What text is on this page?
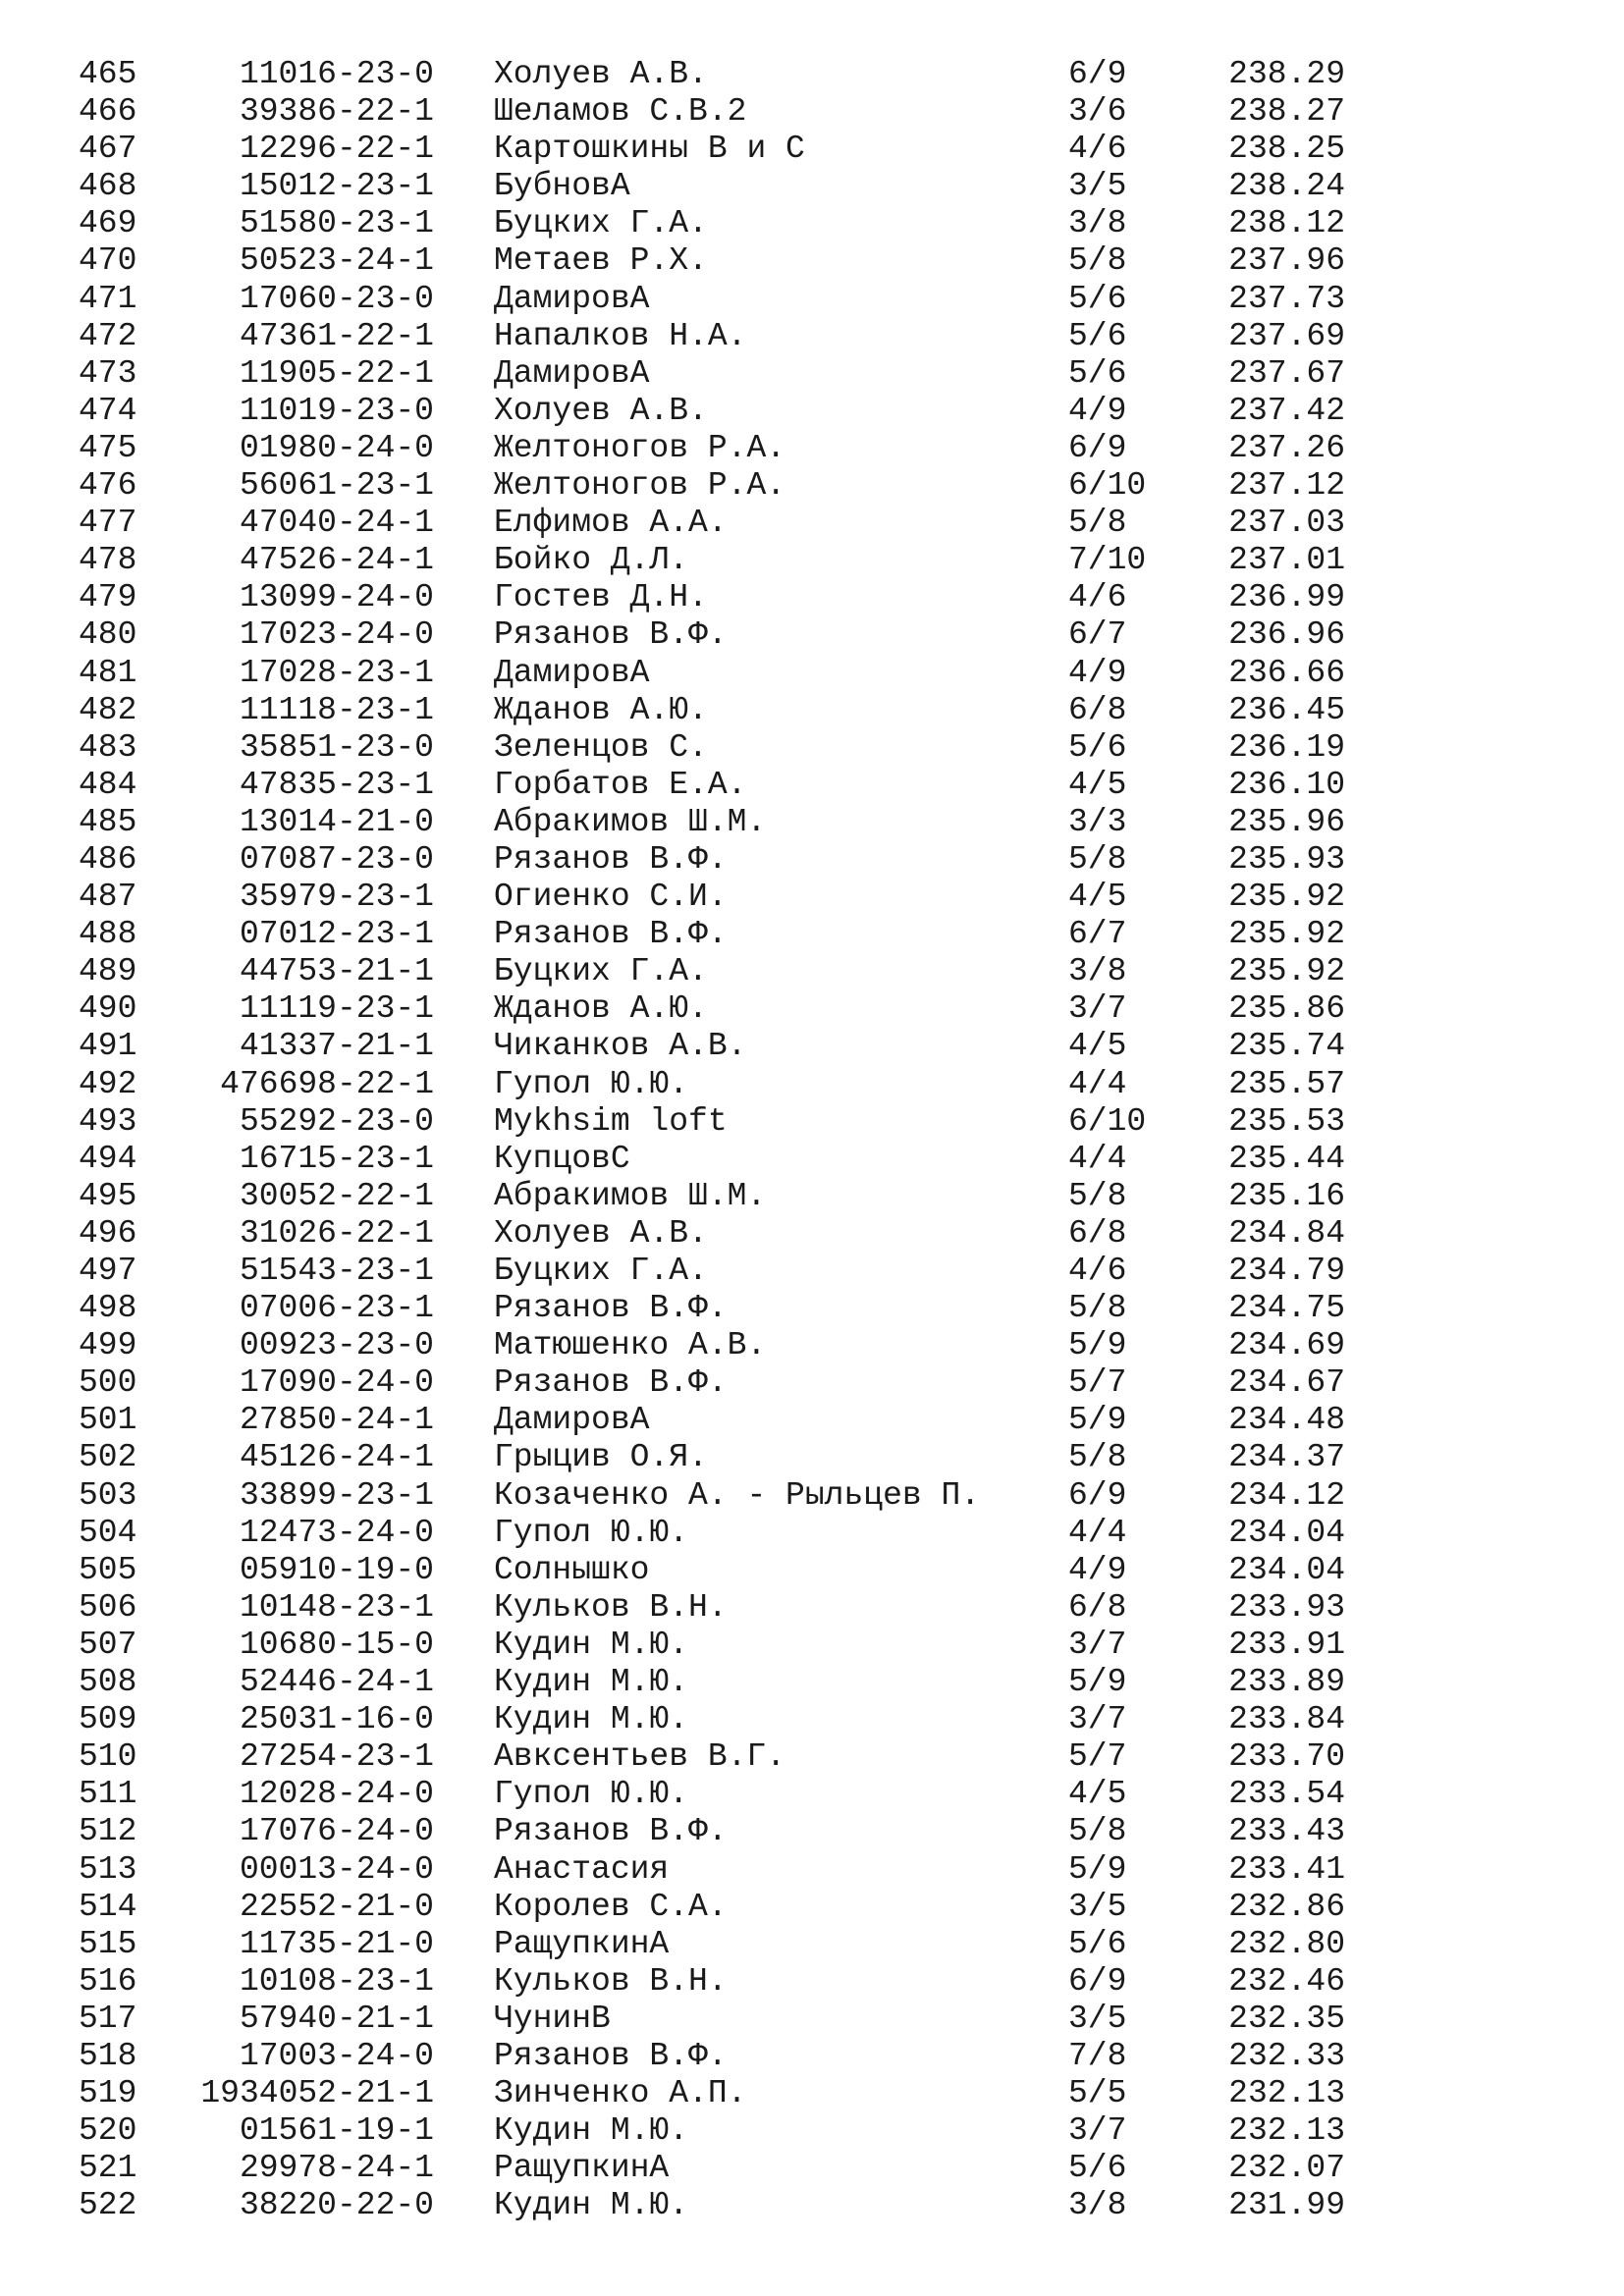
465	11016-23-0 Холуев А.В.	6/9	238.29
466	39386-22-1 Шеламов С.В.2	3/6	238.27
467	12296-22-1 Картошкины В и С	4/6	238.25
468	15012-23-1 БубновА	3/5	238.24
469	51580-23-1 Буцких Г.А.	3/8	238.12
470	50523-24-1 Метаев Р.Х.	5/8	237.96
471	17060-23-0 ДамировА	5/6	237.73
472	47361-22-1 Напалков Н.А.	5/6	237.69
473	11905-22-1 ДамировА	5/6	237.67
474	11019-23-0 Холуев А.В.	4/9	237.42
475	01980-24-0 Желтоногов Р.А.	6/9	237.26
476	56061-23-1 Желтоногов Р.А.	6/10	237.12
477	47040-24-1 Елфимов А.А.	5/8	237.03
478	47526-24-1 Бойко Д.Л.	7/10	237.01
479	13099-24-0 Гостев Д.Н.	4/6	236.99
480	17023-24-0 Рязанов В.Ф.	6/7	236.96
481	17028-23-1 ДамировА	4/9	236.66
482	11118-23-1 Жданов А.Ю.	6/8	236.45
483	35851-23-0 Зеленцов С.	5/6	236.19
484	47835-23-1 Горбатов Е.А.	4/5	236.10
485	13014-21-0 Абракимов Ш.М.	3/3	235.96
486	07087-23-0 Рязанов В.Ф.	5/8	235.93
487	35979-23-1 Огиенко С.И.	4/5	235.92
488	07012-23-1 Рязанов В.Ф.	6/7	235.92
489	44753-21-1 Буцких Г.А.	3/8	235.92
490	11119-23-1 Жданов А.Ю.	3/7	235.86
491	41337-21-1 Чиканков А.В.	4/5	235.74
492	476698-22-1 Гупол Ю.Ю.	4/4	235.57
493	55292-23-0 Mykhsim loft	6/10	235.53
494	16715-23-1 КупцовС	4/4	235.44
495	30052-22-1 Абракимов Ш.М.	5/8	235.16
496	31026-22-1 Холуев А.В.	6/8	234.84
497	51543-23-1 Буцких Г.А.	4/6	234.79
498	07006-23-1 Рязанов В.Ф.	5/8	234.75
499	00923-23-0 Матюшенко А.В.	5/9	234.69
500	17090-24-0 Рязанов В.Ф.	5/7	234.67
501	27850-24-1 ДамировА	5/9	234.48
502	45126-24-1 Грыцив О.Я.	5/8	234.37
503	33899-23-1 Козаченко А. - Рыльцев П.	6/9	234.12
504	12473-24-0 Гупол Ю.Ю.	4/4	234.04
505	05910-19-0 Солнышко	4/9	234.04
506	10148-23-1 Кульков В.Н.	6/8	233.93
507	10680-15-0 Кудин М.Ю.	3/7	233.91
508	52446-24-1 Кудин М.Ю.	5/9	233.89
509	25031-16-0 Кудин М.Ю.	3/7	233.84
510	27254-23-1 Авксентьев В.Г.	5/7	233.70
511	12028-24-0 Гупол Ю.Ю.	4/5	233.54
512	17076-24-0 Рязанов В.Ф.	5/8	233.43
513	00013-24-0 Анастасия	5/9	233.41
514	22552-21-0 Королев С.А.	3/5	232.86
515	11735-21-0 РащупкинА	5/6	232.80
516	10108-23-1 Кульков В.Н.	6/9	232.46
517	57940-21-1 ЧунинВ	3/5	232.35
518	17003-24-0 Рязанов В.Ф.	7/8	232.33
519 1934052-21-1 Зинченко А.П.	5/5	232.13
520	01561-19-1 Кудин М.Ю.	3/7	232.13
521	29978-24-1 РащупкинА	5/6	232.07
522	38220-22-0 Кудин М.Ю.	3/8	231.99
